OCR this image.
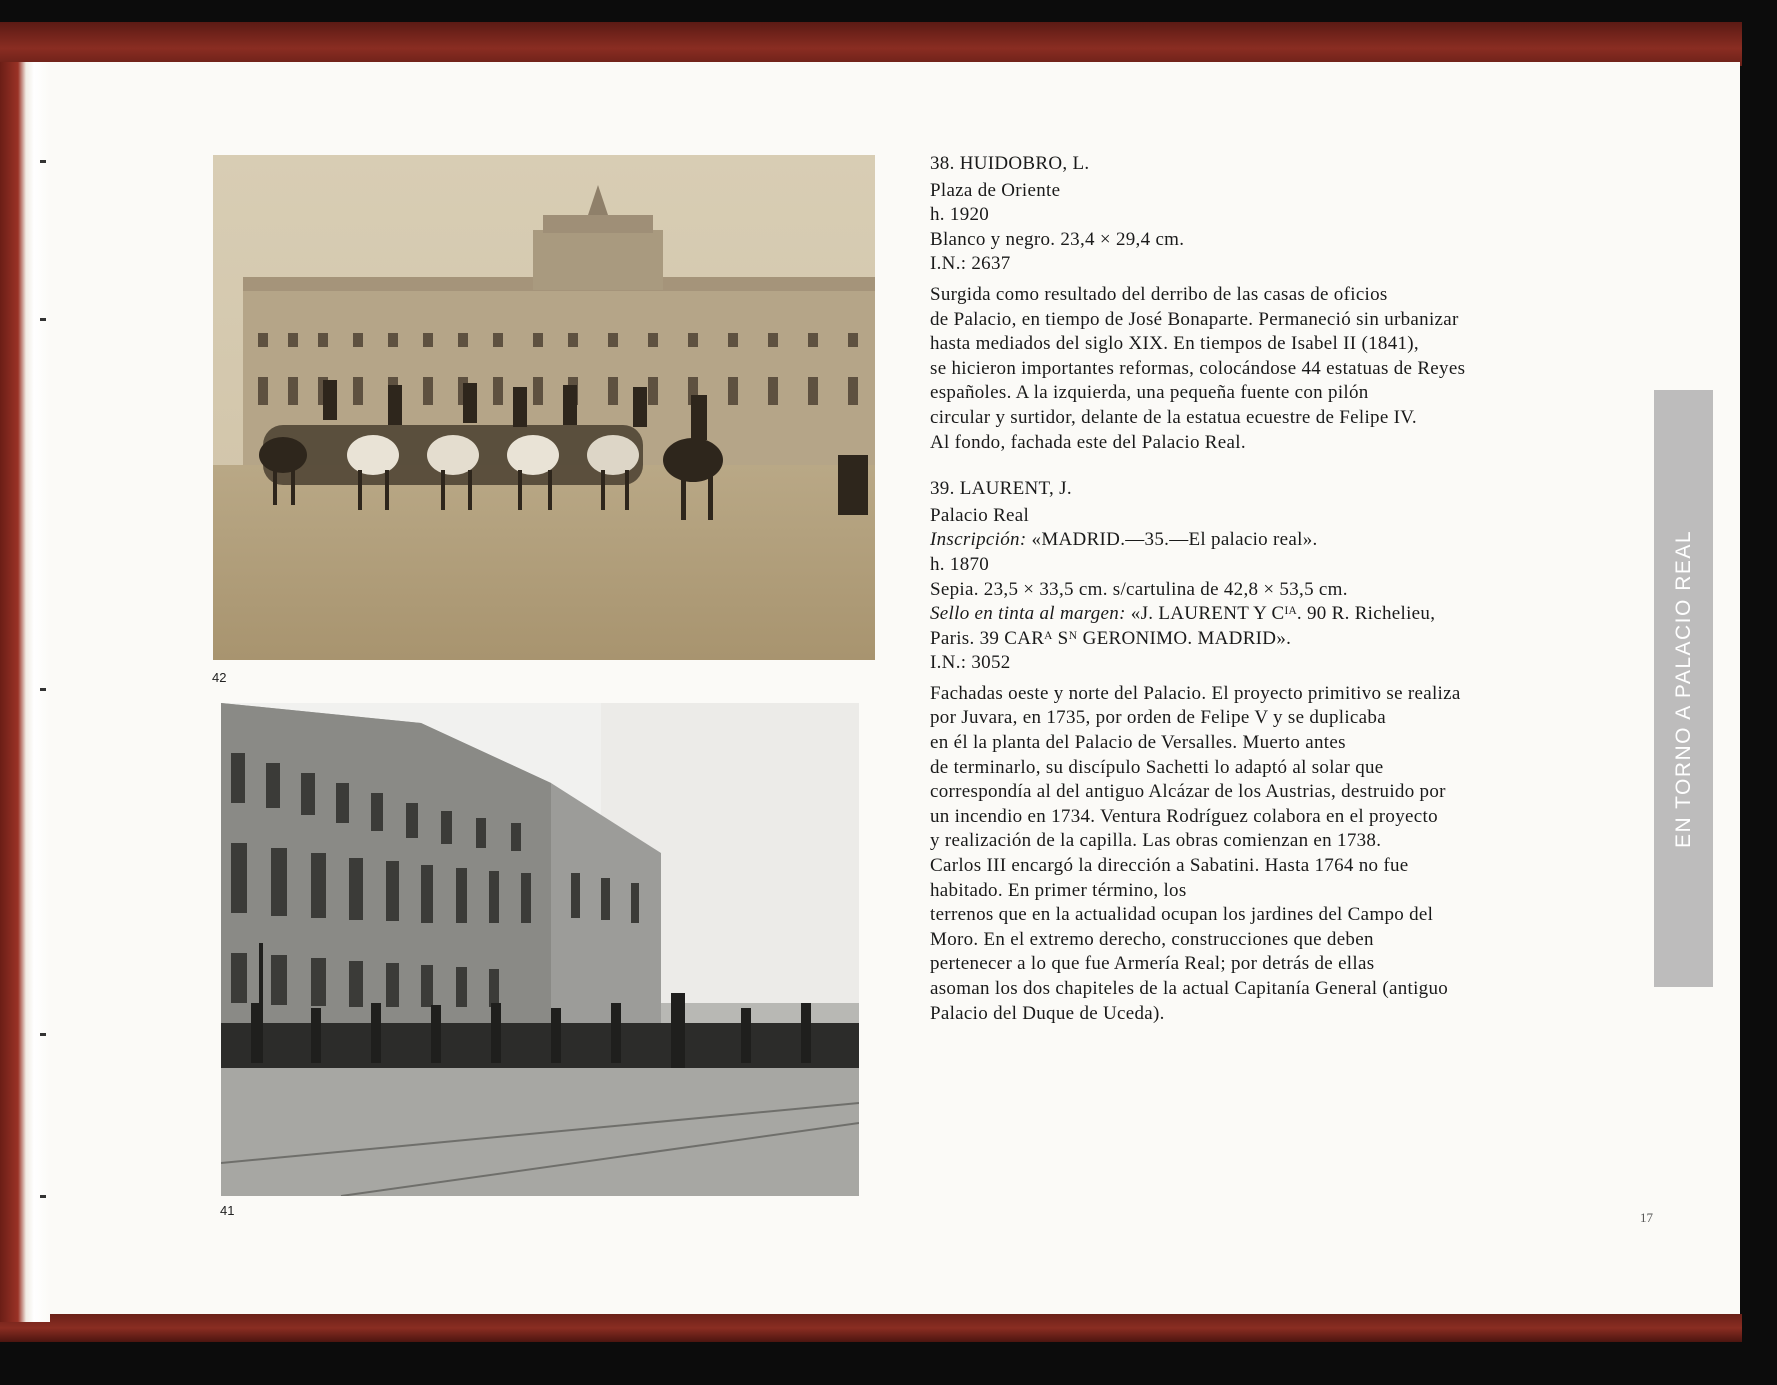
42
41
38. HUIDOBRO, L.
Plaza de Oriente
h. 1920
Blanco y negro. 23,4 × 29,4 cm.
I.N.: 2637
Surgida como resultado del derribo de las casas de oficios
de Palacio, en tiempo de José Bonaparte. Permaneció sin urbanizar
hasta mediados del siglo XIX. En tiempos de Isabel II (1841),
se hicieron importantes reformas, colocándose 44 estatuas de Reyes
españoles. A la izquierda, una pequeña fuente con pilón
circular y surtidor, delante de la estatua ecuestre de Felipe IV.
Al fondo, fachada este del Palacio Real.
39. LAURENT, J.
Palacio Real
Inscripción: «MADRID.—35.—El palacio real».
h. 1870
Sepia. 23,5 × 33,5 cm. s/cartulina de 42,8 × 53,5 cm.
Sello en tinta al margen: «J. LAURENT Y Cᴵᴬ. 90 R. Richelieu,
Paris. 39 CARᴬ Sᴺ GERONIMO. MADRID».
I.N.: 3052
Fachadas oeste y norte del Palacio. El proyecto primitivo se realiza
por Juvara, en 1735, por orden de Felipe V y se duplicaba
en él la planta del Palacio de Versalles. Muerto antes
de terminarlo, su discípulo Sachetti lo adaptó al solar que
correspondía al del antiguo Alcázar de los Austrias, destruido por
un incendio en 1734. Ventura Rodríguez colabora en el proyecto
y realización de la capilla. Las obras comienzan en 1738.
Carlos III encargó la dirección a Sabatini. Hasta 1764 no fue
habitado. En primer término, los
terrenos que en la actualidad ocupan los jardines del Campo del
Moro. En el extremo derecho, construcciones que deben
pertenecer a lo que fue Armería Real; por detrás de ellas
asoman los dos chapiteles de la actual Capitanía General (antiguo
Palacio del Duque de Uceda).
EN TORNO A PALACIO REAL
17
